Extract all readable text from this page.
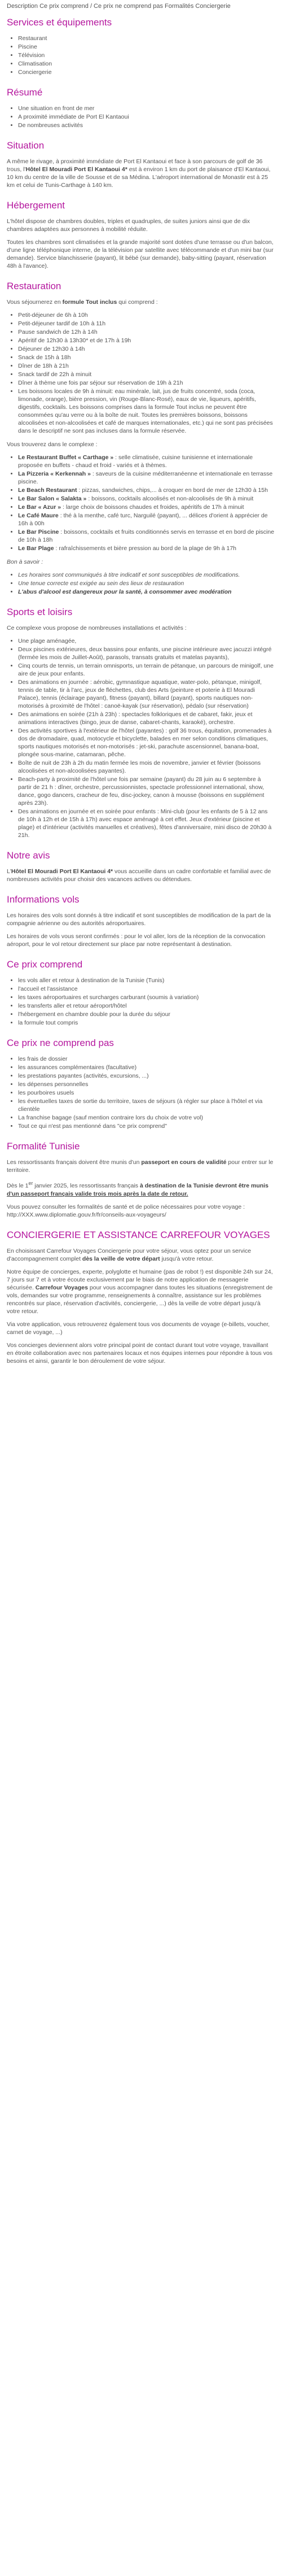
Description Ce prix comprend / Ce prix ne comprend pas Formalités Conciergerie

Services et équipements
• Restaurant
• Piscine
• Télévision
• Climatisation
• Conciergerie
Résumé
• Une situation en front de mer
• A proximité immédiate de Port El Kantaoui
• De nombreuses activités
Situation

A même le rivage, à proximité immédiate de Port El Kantaoui et face à son parcours de golf de 36 trous, l'Hôtel El Mouradi Port El Kantaoui 4* est à environ 1 km du port de plaisance d'El Kantaoui, 10 km du centre de la ville de Sousse et de sa Médina. L'aéroport international de Monastir est à 25 km et celui de Tunis-Carthage à 140 km.

Hébergement

L'hôtel dispose de chambres doubles, triples et quadruples, de suites juniors ainsi que de dix chambres adaptées aux personnes à mobilité réduite.

Toutes les chambres sont climatisées et la grande majorité sont dotées d'une terrasse ou d'un balcon, d'une ligne téléphonique interne, de la télévision par satellite avec télécommande et d'un mini bar (sur demande). Service blanchisserie (payant), lit bébé (sur demande), baby-sitting (payant, réservation 48h à l'avance).

Restauration

Vous séjournerez en formule Tout inclus qui comprend :

• Petit-déjeuner de 6h à 10h
• Petit-déjeuner tardif de 10h à 11h
• Pause sandwich de 12h à 14h
• Apéritif de 12h30 à 13h30* et de 17h à 19h
• Déjeuner de 12h30 à 14h
• Snack de 15h à 18h
• Dîner de 18h à 21h
• Snack tardif de 22h à minuit
• Dîner à thème une fois par séjour sur réservation de 19h à 21h
• Les boissons locales de 9h à minuit: eau minérale, lait, jus de fruits concentré, soda (coca, limonade, orange), bière pression, vin (Rouge-Blanc-Rosé), eaux de vie, liqueurs, apéritifs, digestifs, cocktails. Les boissons comprises dans la formule Tout inclus ne peuvent être consommées qu'au verre ou à la boîte de nuit. Toutes les premières boissons, boissons alcoolisées et non-alcoolisées et café de marques internationales, etc.) qui ne sont pas précisées dans le descriptif ne sont pas incluses dans la formule réservée.

Vous trouverez dans le complexe :

• Le Restaurant Buffet « Carthage » : selle climatisée, cuisine tunisienne et internationale proposée en buffets - chaud et froid - variés et à thèmes.
• La Pizzeria « Kerkennah » : saveurs de la cuisine méditerranéenne et internationale en terrasse piscine.
• Le Beach Restaurant : pizzas, sandwiches, chips,... à croquer en bord de mer de 12h30 à 15h
• Le Bar Salon « Salakta » : boissons, cocktails alcoolisés et non-alcoolisés de 9h à minuit
• Le Bar « Azur » : large choix de boissons chaudes et froides, apéritifs de 17h à minuit
• Le Café Maure : thé à la menthe, café turc, Narguilé (payant), ... délices d'orient à apprécier de 16h à 00h
• Le Bar Piscine : boissons, cocktails et fruits conditionnés servis en terrasse et en bord de piscine de 10h à 18h
• Le Bar Plage : rafraîchissements et bière pression au bord de la plage de 9h à 17h

Bon à savoir :

• Les horaires sont communiqués à titre indicatif et sont susceptibles de modifications.
• Une tenue correcte est exigée au sein des lieux de restauration
• L'abus d'alcool est dangereux pour la santé, à consommer avec modération
Sports et loisirs

Ce complexe vous propose de nombreuses installations et activités :

• Une plage aménagée,
• Deux piscines extérieures, deux bassins pour enfants, une piscine intérieure avec jacuzzi intégré (fermée les mois de Juillet-Août), parasols, transats gratuits et matelas payants),
• Cinq courts de tennis, un terrain omnisports, un terrain de pétanque, un parcours de minigolf, une aire de jeux pour enfants.
• Des animations en journée : aérobic, gymnastique aquatique, water-polo, pétanque, minigolf, tennis de table, tir à l'arc, jeux de fléchettes, club des Arts (peinture et poterie à El Mouradi Palace), tennis (éclairage payant), fitness (payant), billard (payant), sports nautiques non-motorisés à proximité de l'hôtel : canoë-kayak (sur réservation), pédalo (sur réservation)
• Des animations en soirée (21h à 23h) : spectacles folkloriques et de cabaret, fakir, jeux et animations interactives (bingo, jeux de danse, cabaret-chants, karaoké), orchestre.
• Des activités sportives à l'extérieur de l'hôtel (payantes) : golf 36 trous, équitation, promenades à dos de dromadaire, quad, motocycle et bicyclette, balades en mer selon conditions climatiques, sports nautiques motorisés et non-motorisés : jet-ski, parachute ascensionnel, banana-boat, plongée sous-marine, catamaran, pêche.
• Boîte de nuit de 23h à 2h du matin fermée les mois de novembre, janvier et février (boissons alcoolisées et non-alcoolisées payantes).
• Beach-party à proximité de l'hôtel une fois par semaine (payant) du 28 juin au 6 septembre à partir de 21 h : dîner, orchestre, percussionnistes, spectacle professionnel international, show, dance, gogo dancers, cracheur de feu, disc-jockey, canon à mousse (boissons en supplément après 23h).
• Des animations en journée et en soirée pour enfants : Mini-club (pour les enfants de 5 à 12 ans de 10h à 12h et de 15h à 17h) avec espace aménagé à cet effet. Jeux d'extérieur (piscine et plage) et d'intérieur (activités manuelles et créatives), fêtes d'anniversaire, mini disco de 20h30 à 21h.
Notre avis

L'Hôtel El Mouradi Port El Kantaoui 4* vous accueille dans un cadre confortable et familial avec de nombreuses activités pour choisir des vacances actives ou détendues.

Informations vols

Les horaires des vols sont donnés à titre indicatif et sont susceptibles de modification de la part de la compagnie aérienne ou des autorités aéroportuaires.

Les horaires de vols vous seront confirmés : pour le vol aller, lors de la réception de la convocation aéroport, pour le vol retour directement sur place par notre représentant à destination.

Ce prix comprend
• les vols aller et retour à destination de la Tunisie (Tunis)
• l'accueil et l'assistance
• les taxes aéroportuaires et surcharges carburant (soumis à variation)
• les transferts aller et retour aéroport/hôtel
• l'hébergement en chambre double pour la durée du séjour
• la formule tout compris
Ce prix ne comprend pas
• les frais de dossier
• les assurances complémentaires (facultative)
• les prestations payantes (activités, excursions, ...)
• les dépenses personnelles
• les pourboires usuels
• les éventuelles taxes de sortie du territoire, taxes de séjours (à régler sur place à l'hôtel et via clientèle
• La franchise bagage (sauf mention contraire lors du choix de votre vol)
• Tout ce qui n'est pas mentionné dans "ce prix comprend"
Formalité Tunisie

Les ressortissants français doivent être munis d'un passeport en cours de validité pour entrer sur le territoire.

Dès le 1er janvier 2025, les ressortissants français à destination de la Tunisie devront être munis d'un passeport français valide trois mois après la date de retour.

Vous pouvez consulter les formalités de santé et de police nécessaires pour votre voyage : http://XXX.www.diplomatie.gouv.fr/fr/conseils-aux-voyageurs/

CONCIERGERIE ET ASSISTANCE CARREFOUR VOYAGES

En choisissant Carrefour Voyages Conciergerie pour votre séjour, vous optez pour un service d'accompagnement complet dès la veille de votre départ jusqu'à votre retour.

Notre équipe de concierges, experte, polyglotte et humaine (pas de robot !) est disponible 24h sur 24, 7 jours sur 7 et à votre écoute exclusivement par le biais de notre application de messagerie sécurisée. Carrefour Voyages pour vous accompagner dans toutes les situations (enregistrement de vols, demandes sur votre programme, renseignements à connaître, assistance sur les problèmes rencontrés sur place, réservation d'activités, conciergerie, ...) dès la veille de votre départ jusqu'à votre retour.

Via votre application, vous retrouverez également tous vos documents de voyage (e-billets, voucher, carnet de voyage, ...)

Vos concierges deviennent alors votre principal point de contact durant tout votre voyage, travaillant en étroite collaboration avec nos partenaires locaux et nos équipes internes pour répondre à tous vos besoins et ainsi, garantir le bon déroulement de votre séjour.
